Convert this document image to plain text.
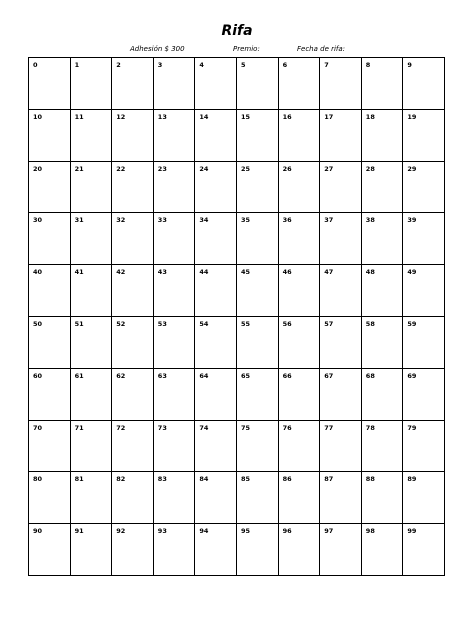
Rifa
Adhesión $ 300	Premio:	Fecha de rifa:
0	1	2	3	4	5	6	7	8	9
10	11	12	13	14	15	16	17	18	19
20	21	22	23	24	25	26	27	28	29
30	31	32	33	34	35	36	37	38	39
40	41	42	43	44	45	46	47	48	49
50	51	52	53	54	55	56	57	58	59
60	61	62	63	64	65	66	67	68	69
70	71	72	73	74	75	76	77	78	79
80	81	82	83	84	85	86	87	88	89
90	91	92	93	94	95	96	97	98	99
